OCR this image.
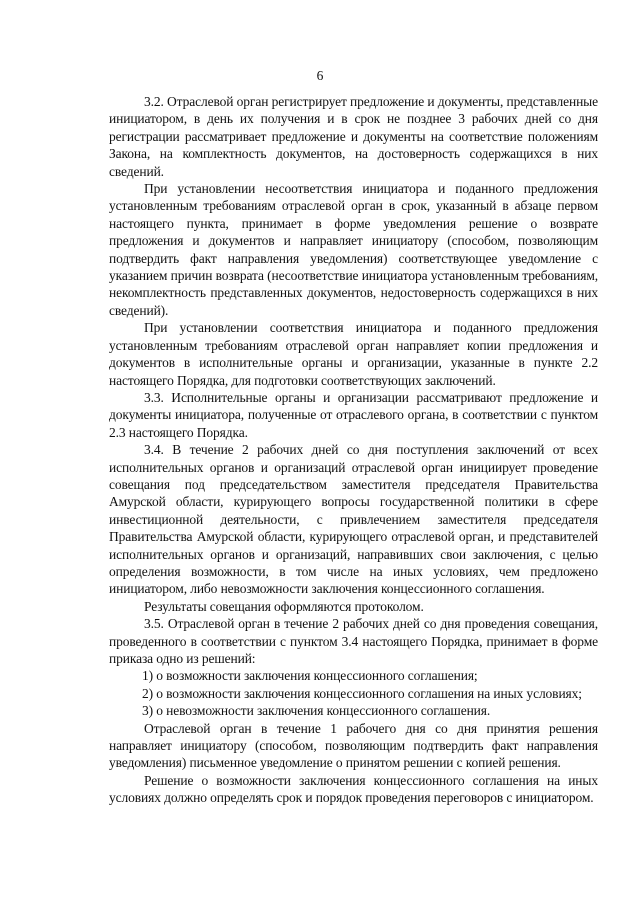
6

3.2. Отраслевой орган регистрирует предложение и документы, представленные инициатором, в день их получения и в срок не позднее 3 рабочих дней со дня регистрации рассматривает предложение и документы на соответствие положениям Закона, на комплектность документов, на достоверность содержащихся в них сведений.

При установлении несоответствия инициатора и поданного предложения установленным требованиям отраслевой орган в срок, указанный в абзаце первом настоящего пункта, принимает в форме уведомления решение о возврате предложения и документов и направляет инициатору (способом, позволяющим подтвердить факт направления уведомления) соответствующее уведомление с указанием причин возврата (несоответствие инициатора установленным требованиям, некомплектность представленных документов, недостоверность содержащихся в них сведений).

При установлении соответствия инициатора и поданного предложения установленным требованиям отраслевой орган направляет копии предложения и документов в исполнительные органы и организации, указанные в пункте 2.2 настоящего Порядка, для подготовки соответствующих заключений.

3.3. Исполнительные органы и организации рассматривают предложение и документы инициатора, полученные от отраслевого органа, в соответствии с пунктом 2.3 настоящего Порядка.

3.4. В течение 2 рабочих дней со дня поступления заключений от всех исполнительных органов и организаций отраслевой орган инициирует проведение совещания под председательством заместителя председателя Правительства Амурской области, курирующего вопросы государственной политики в сфере инвестиционной деятельности, с привлечением заместителя председателя Правительства Амурской области, курирующего отраслевой орган, и представителей исполнительных органов и организаций, направивших свои заключения, с целью определения возможности, в том числе на иных условиях, чем предложено инициатором, либо невозможности заключения концессионного соглашения.

Результаты совещания оформляются протоколом.

3.5. Отраслевой орган в течение 2 рабочих дней со дня проведения совещания, проведенного в соответствии с пунктом 3.4 настоящего Порядка, принимает в форме приказа одно из решений:

1) о возможности заключения концессионного соглашения;

2) о возможности заключения концессионного соглашения на иных условиях;

3) о невозможности заключения концессионного соглашения.

Отраслевой орган в течение 1 рабочего дня со дня принятия решения направляет инициатору (способом, позволяющим подтвердить факт направления уведомления) письменное уведомление о принятом решении с копией решения.

Решение о возможности заключения концессионного соглашения на иных условиях должно определять срок и порядок проведения переговоров с инициатором.
